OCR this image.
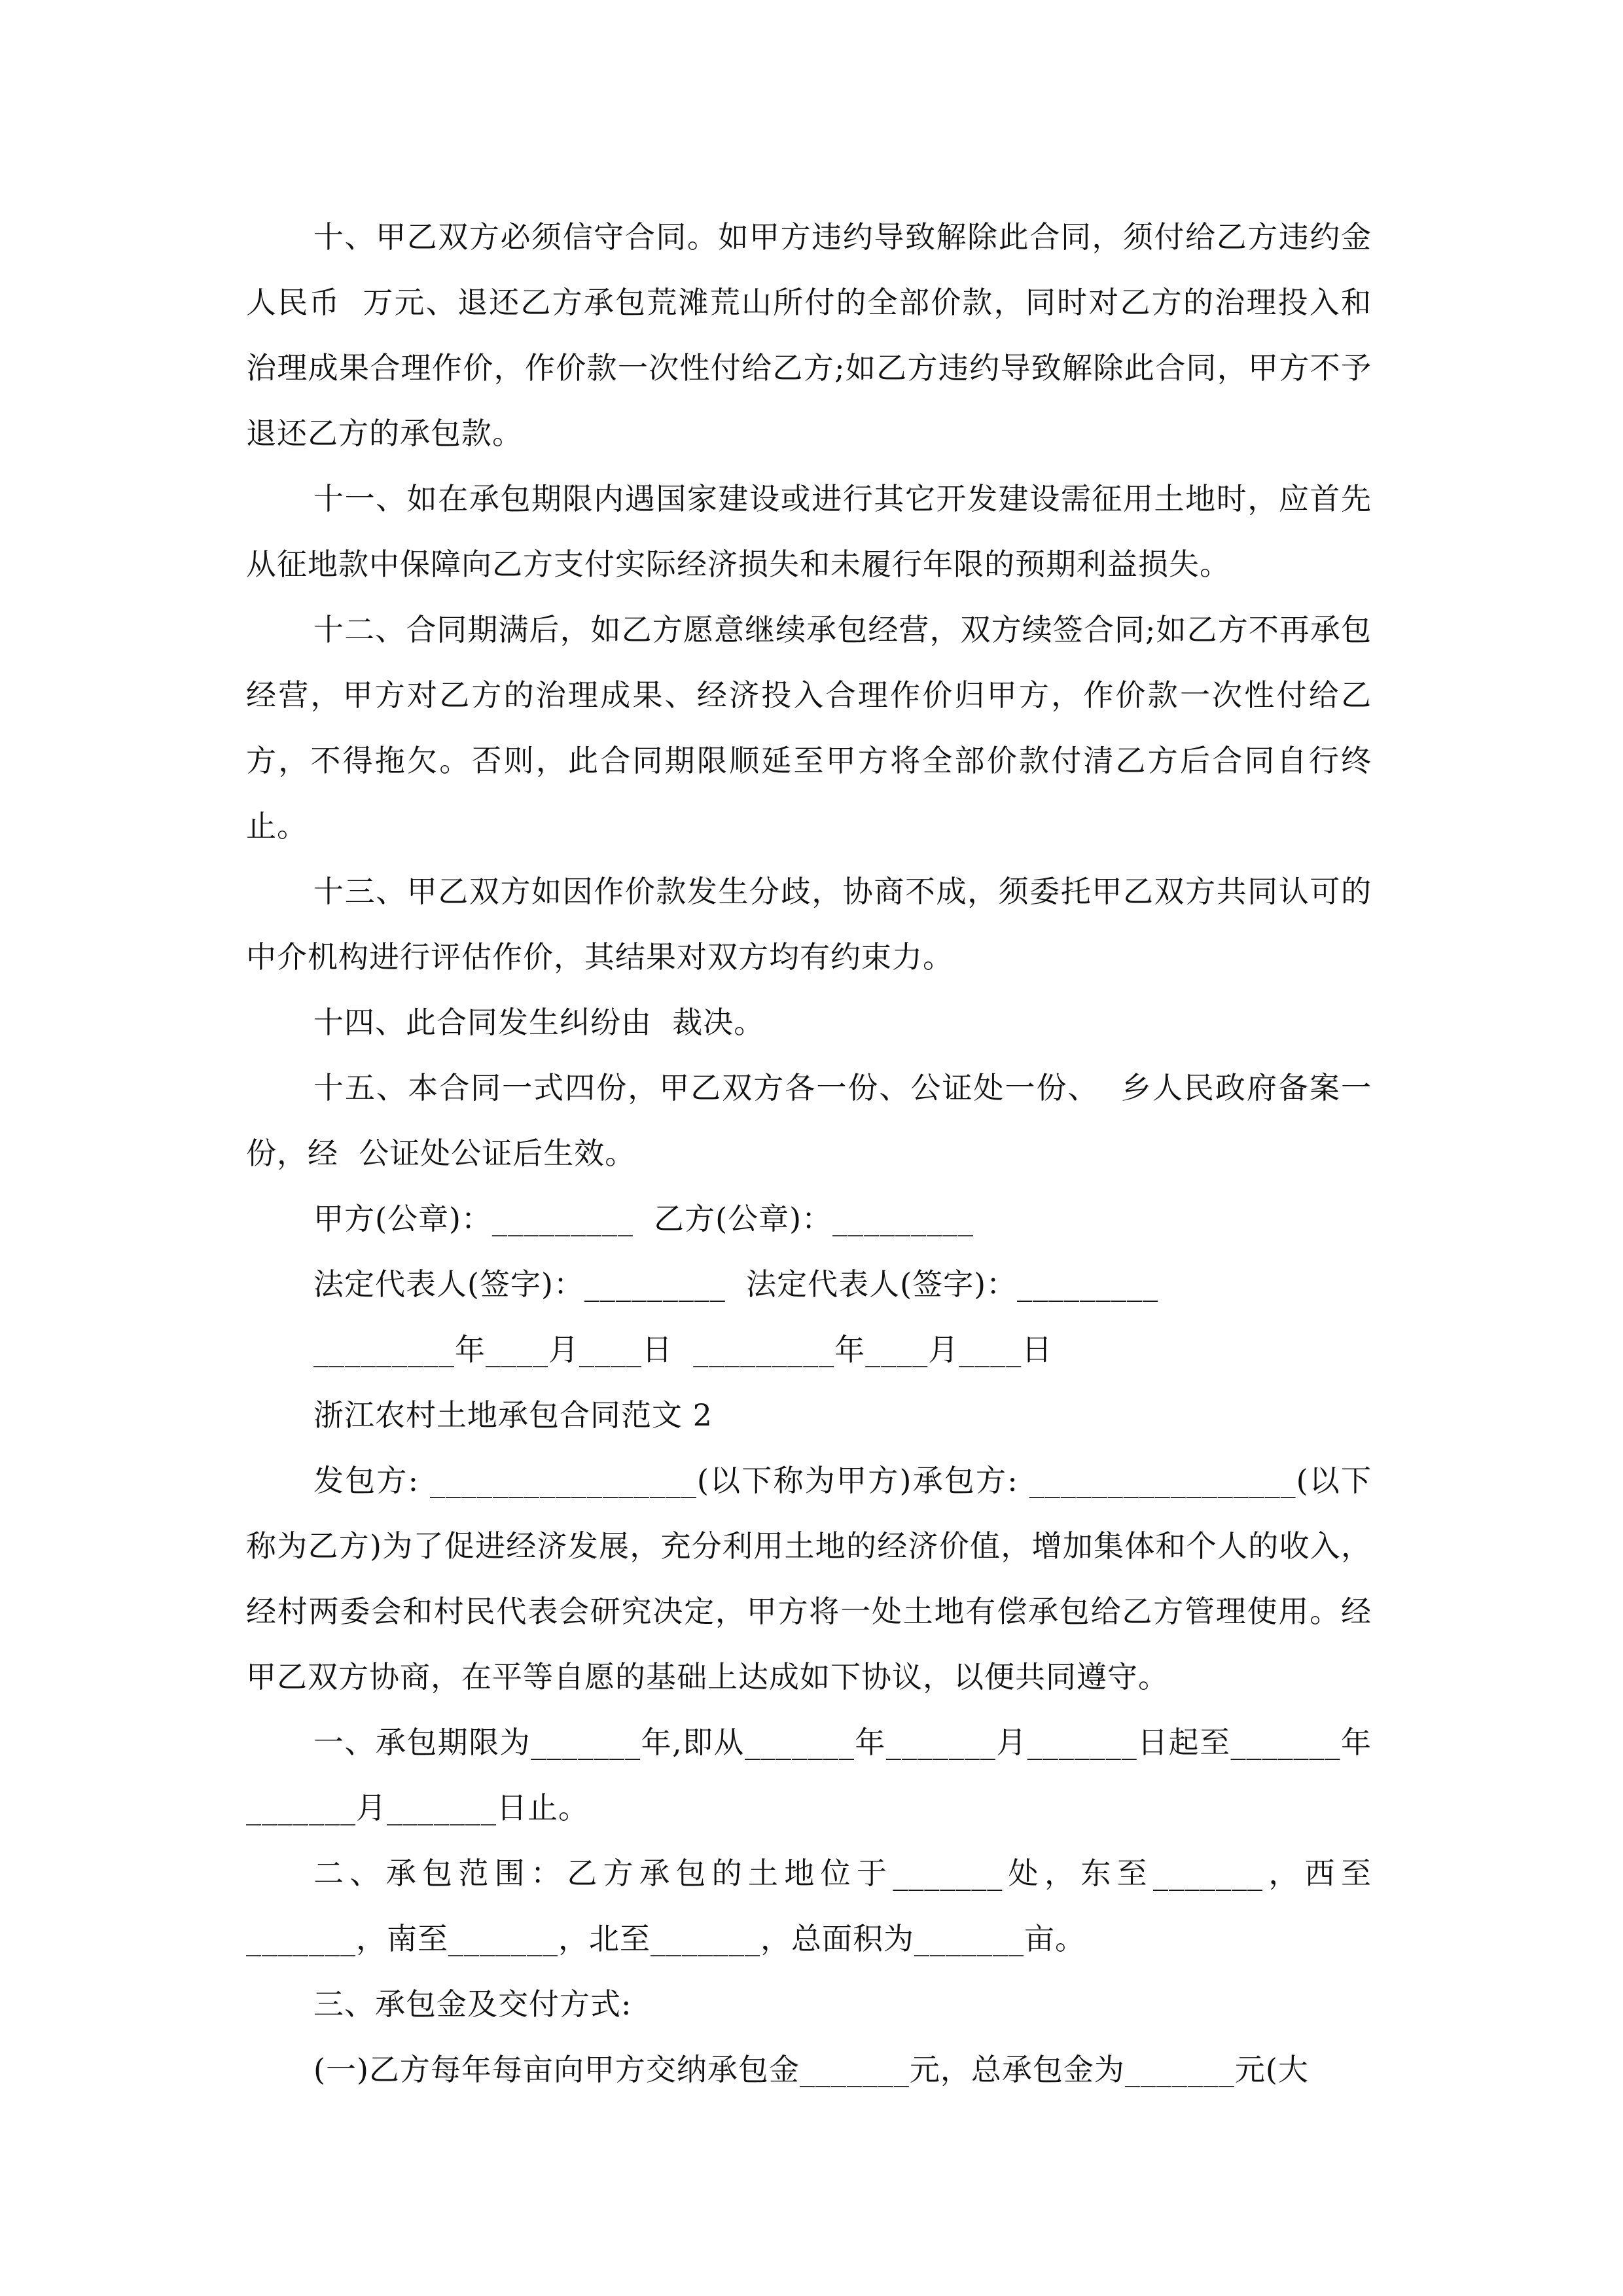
十、甲乙双方必须信守合同。如甲方违约导致解除此合同，须付给乙方违约金人民币  万元、退还乙方承包荒滩荒山所付的全部价款，同时对乙方的治理投入和治理成果合理作价，作价款一次性付给乙方;如乙方违约导致解除此合同，甲方不予退还乙方的承包款。

十一、如在承包期限内遇国家建设或进行其它开发建设需征用土地时，应首先从征地款中保障向乙方支付实际经济损失和未履行年限的预期利益损失。

十二、合同期满后，如乙方愿意继续承包经营，双方续签合同;如乙方不再承包经营，甲方对乙方的治理成果、经济投入合理作价归甲方，作价款一次性付给乙方，不得拖欠。否则，此合同期限顺延至甲方将全部价款付清乙方后合同自行终止。

十三、甲乙双方如因作价款发生分歧，协商不成，须委托甲乙双方共同认可的中介机构进行评估作价，其结果对双方均有约束力。

十四、此合同发生纠纷由  裁决。

十五、本合同一式四份，甲乙双方各一份、公证处一份、  乡人民政府备案一份，经  公证处公证后生效。

甲方(公章)：_________  乙方(公章)：_________

法定代表人(签字)：_________  法定代表人(签字)：_________

_________年____月____日  _________年____月____日

浙江农村土地承包合同范文 2

发包方: _________________(以下称为甲方)承包方: _________________(以下称为乙方)为了促进经济发展，充分利用土地的经济价值，增加集体和个人的收入，经村两委会和村民代表会研究决定，甲方将一处土地有偿承包给乙方管理使用。经甲乙双方协商，在平等自愿的基础上达成如下协议，以便共同遵守。

一、承包期限为_______年,即从_______年_______月_______日起至_______年_______月_______日止。

二、承包范围：乙方承包的土地位于_______处，东至_______，西至_______，南至_______，北至_______，总面积为_______亩。

三、承包金及交付方式:

(一)乙方每年每亩向甲方交纳承包金_______元，总承包金为_______元(大
